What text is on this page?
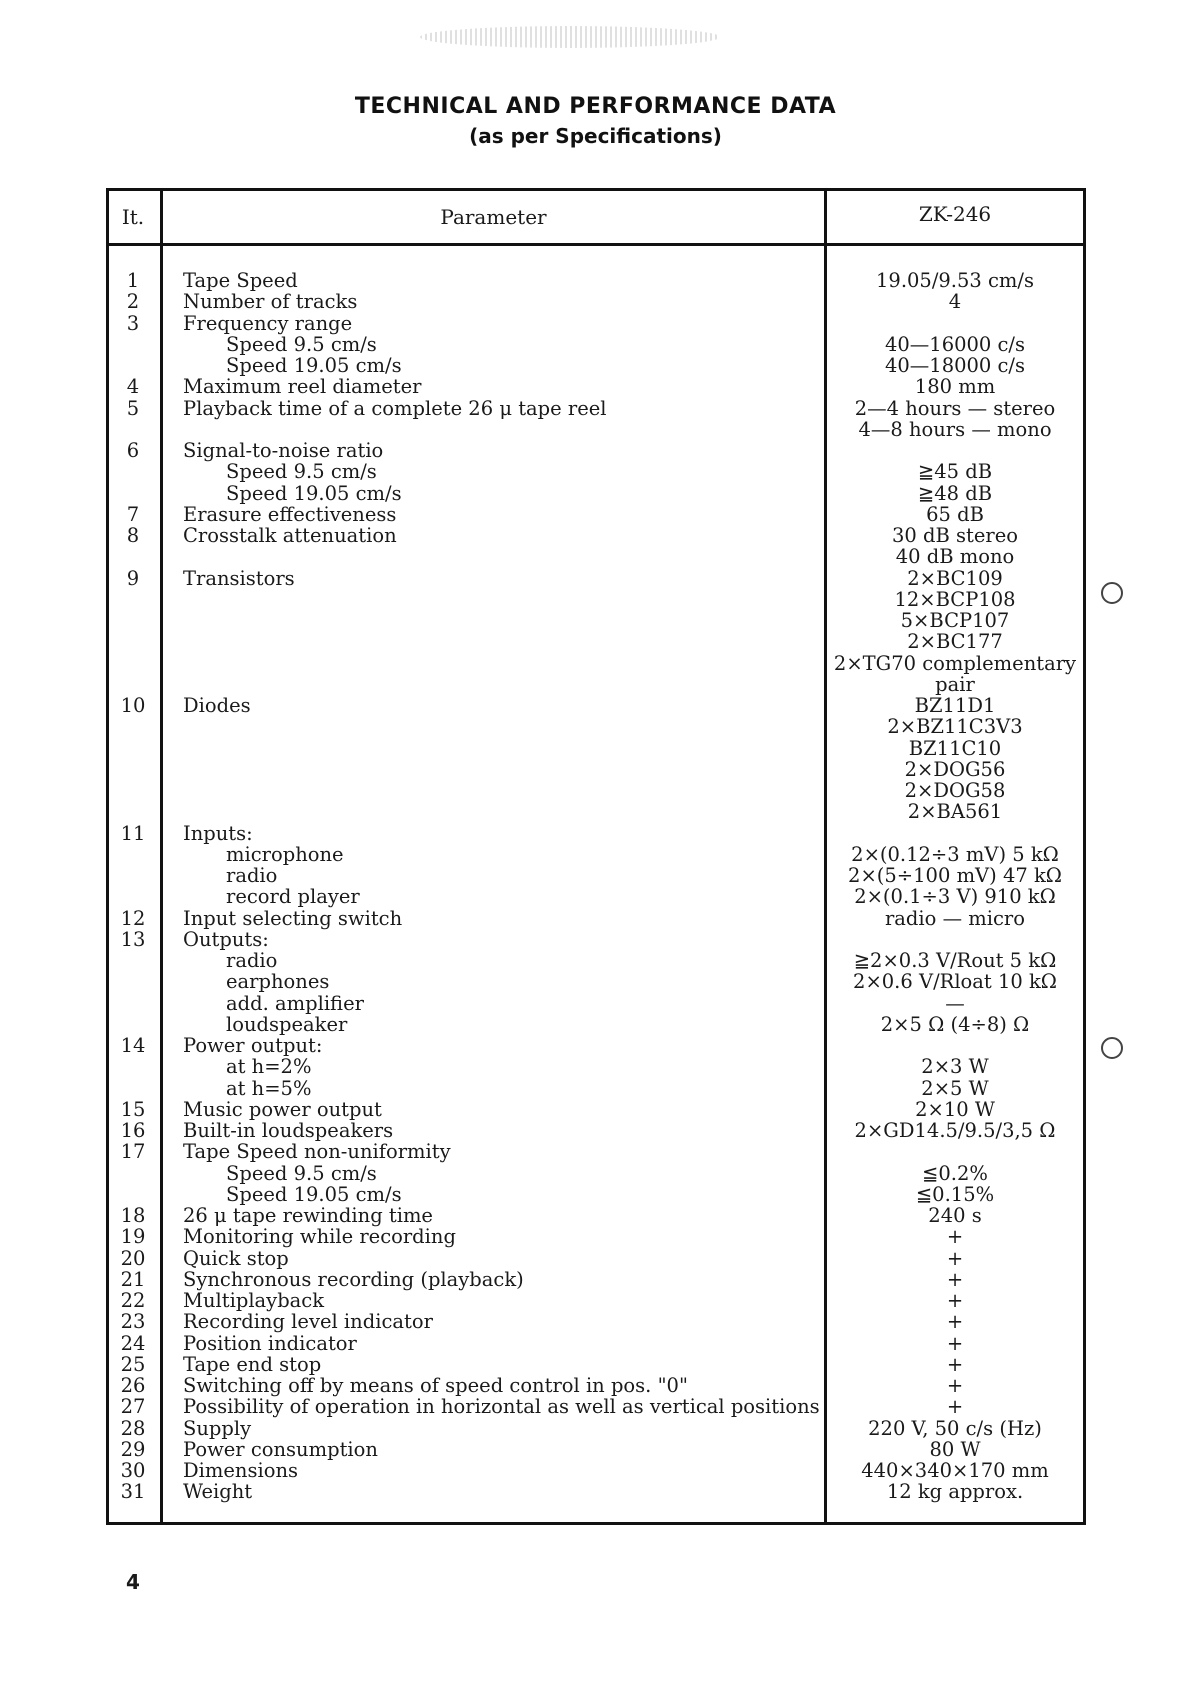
TECHNICAL AND PERFORMANCE DATA
(as per Specifications)
It.	Parameter	ZK-246
1	Tape Speed	19.05/9.53 cm/s
2	Number of tracks	4
3	Frequency range
Speed 9.5 cm/s	40—16000 c/s
Speed 19.05 cm/s	40—18000 c/s
4	Maximum reel diameter	180 mm
5	Playback time of a complete 26 μ tape reel	2—4 hours — stereo
4—8 hours — mono
6	Signal-to-noise ratio
Speed 9.5 cm/s	≧45 dB
Speed 19.05 cm/s	≧48 dB
7	Erasure effectiveness	65 dB
8	Crosstalk attenuation	30 dB stereo
40 dB mono
9	Transistors	2×BC109
12×BCP108
5×BCP107
2×BC177
2×TG70 complementary
pair
10	Diodes	BZ11D1
2×BZ11C3V3
BZ11C10
2×DOG56
2×DOG58
2×BA561
11	Inputs:
microphone	2×(0.12÷3 mV) 5 kΩ
radio	2×(5÷100 mV) 47 kΩ
record player	2×(0.1÷3 V) 910 kΩ
12	Input selecting switch	radio — micro
13	Outputs:
radio	≧2×0.3 V/Rout 5 kΩ
earphones	2×0.6 V/Rloat 10 kΩ
add. amplifier	—
loudspeaker	2×5 Ω (4÷8) Ω
14	Power output:
at h=2%	2×3 W
at h=5%	2×5 W
15	Music power output	2×10 W
16	Built-in loudspeakers	2×GD14.5/9.5/3,5 Ω
17	Tape Speed non-uniformity
Speed 9.5 cm/s	≦0.2%
Speed 19.05 cm/s	≦0.15%
18	26 μ tape rewinding time	240 s
19	Monitoring while recording	+
20	Quick stop	+
21	Synchronous recording (playback)	+
22	Multiplayback	+
23	Recording level indicator	+
24	Position indicator	+
25	Tape end stop	+
26	Switching off by means of speed control in pos. "0"	+
27	Possibility of operation in horizontal as well as vertical positions	+
28	Supply	220 V, 50 c/s (Hz)
29	Power consumption	80 W
30	Dimensions	440×340×170 mm
31	Weight	12 kg approx.
4
